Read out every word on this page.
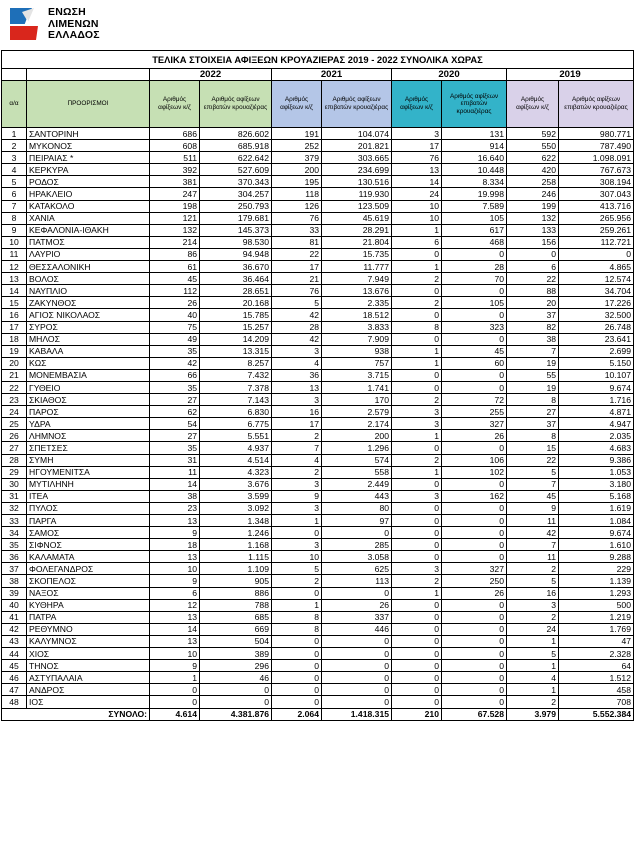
ΕΝΩΣΗ
ΛΙΜΕΝΩΝ
ΕΛΛΑΔΟΣ
ΤΕΛΙΚΑ ΣΤΟΙΧΕΙΑ ΑΦΙΞΕΩΝ ΚΡΟΥΑΖΙΕΡΑΣ 2019 - 2022 ΣΥΝΟΛΙΚΑ ΧΩΡΑΣ									
		2022		2021		2020		2019	
α/α	ΠΡΟΟΡΙΣΜΟΙ	Αριθμός αφίξεων κ/ζ	Αριθμός αφίξεων επιβατών κρουαζιέρας	Αριθμός αφίξεων κ/ζ	Αριθμός αφίξεων επιβατών κρουαζιέρας	Αριθμός αφίξεων κ/ζ	Αριθμός αφίξεων επιβατών κρουαζιέρας	Αριθμός αφίξεων κ/ζ	Αριθμός αφίξεων επιβατών κρουαζιέρας
1	ΣΑΝΤΟΡΙΝΗ	686	826.602	191	104.074	3	131	592	980.771
2	ΜΥΚΟΝΟΣ	608	685.918	252	201.821	17	914	550	787.490
3	ΠΕΙΡΑΙΑΣ *	511	622.642	379	303.665	76	16.640	622	1.098.091
4	ΚΕΡΚΥΡΑ	392	527.609	200	234.699	13	10.448	420	767.673
5	ΡΟΔΟΣ	381	370.343	195	130.516	14	8.334	258	308.194
6	ΗΡΑΚΛΕΙΟ	247	304.257	118	119.930	24	19.998	246	307.043
7	ΚΑΤΑΚΟΛΟ	198	250.793	126	123.509	10	7.589	199	413.716
8	ΧΑΝΙΑ	121	179.681	76	45.619	10	105	132	265.956
9	ΚΕΦΑΛΟΝΙΑ-ΙΘΑΚΗ	132	145.373	33	28.291	1	617	133	259.261
10	ΠΑΤΜΟΣ	214	98.530	81	21.804	6	468	156	112.721
11	ΛΑΥΡΙΟ	86	94.948	22	15.735	0	0	0	0
12	ΘΕΣΣΑΛΟΝΙΚΗ	61	36.670	17	11.777	1	28	6	4.865
13	ΒΟΛΟΣ	45	36.464	21	7.949	2	70	22	12.574
14	ΝΑΥΠΛΙΟ	112	28.651	76	13.676	0	0	88	34.704
15	ΖΑΚΥΝΘΟΣ	26	20.168	5	2.335	2	105	20	17.226
16	ΑΓΙΟΣ ΝΙΚΟΛΑΟΣ	40	15.785	42	18.512	0	0	37	32.500
17	ΣΥΡΟΣ	75	15.257	28	3.833	8	323	82	26.748
18	ΜΗΛΟΣ	49	14.209	42	7.909	0	0	38	23.641
19	ΚΑΒΑΛΑ	35	13.315	3	938	1	45	7	2.699
20	ΚΩΣ	42	8.257	4	757	1	60	19	5.150
21	ΜΟΝΕΜΒΑΣΙΑ	66	7.432	36	3.715	0	0	55	10.107
22	ΓΥΘΕΙΟ	35	7.378	13	1.741	0	0	19	9.674
23	ΣΚΙΑΘΟΣ	27	7.143	3	170	2	72	8	1.716
24	ΠΑΡΟΣ	62	6.830	16	2.579	3	255	27	4.871
25	ΥΔΡΑ	54	6.775	17	2.174	3	327	37	4.947
26	ΛΗΜΝΟΣ	27	5.551	2	200	1	26	8	2.035
27	ΣΠΕΤΣΕΣ	35	4.937	7	1.296	0	0	15	4.683
28	ΣΥΜΗ	31	4.514	4	574	2	106	22	9.386
29	ΗΓΟΥΜΕΝΙΤΣΑ	11	4.323	2	558	1	102	5	1.053
30	ΜΥΤΙΛΗΝΗ	14	3.676	3	2.449	0	0	7	3.180
31	ΙΤΕΑ	38	3.599	9	443	3	162	45	5.168
32	ΠΥΛΟΣ	23	3.092	3	80	0	0	9	1.619
33	ΠΑΡΓΑ	13	1.348	1	97	0	0	11	1.084
34	ΣΑΜΟΣ	9	1.246	0	0	0	0	42	9.674
35	ΣΙΦΝΟΣ	18	1.168	3	285	0	0	7	1.610
36	ΚΑΛΑΜΑΤΑ	13	1.115	10	3.058	0	0	11	9.288
37	ΦΟΛΕΓΑΝΔΡΟΣ	10	1.109	5	625	3	327	2	229
38	ΣΚΟΠΕΛΟΣ	9	905	2	113	2	250	5	1.139
39	ΝΑΞΟΣ	6	886	0	0	1	26	16	1.293
40	ΚΥΘΗΡΑ	12	788	1	26	0	0	3	500
41	ΠΑΤΡΑ	13	685	8	337	0	0	2	1.219
42	ΡΕΘΥΜΝΟ	14	669	8	446	0	0	24	1.769
43	ΚΑΛΥΜΝΟΣ	13	504	0	0	0	0	1	47
44	ΧΙΟΣ	10	389	0	0	0	0	5	2.328
45	ΤΗΝΟΣ	9	296	0	0	0	0	1	64
46	ΑΣΤΥΠΑΛΑΙΑ	1	46	0	0	0	0	4	1.512
47	ΑΝΔΡΟΣ	0	0	0	0	0	0	1	458
48	ΙΟΣ	0	0	0	0	0	0	2	708
ΣΥΝΟΛΟ:		4.614	4.381.876	2.064	1.418.315	210	67.528	3.979	5.552.384
